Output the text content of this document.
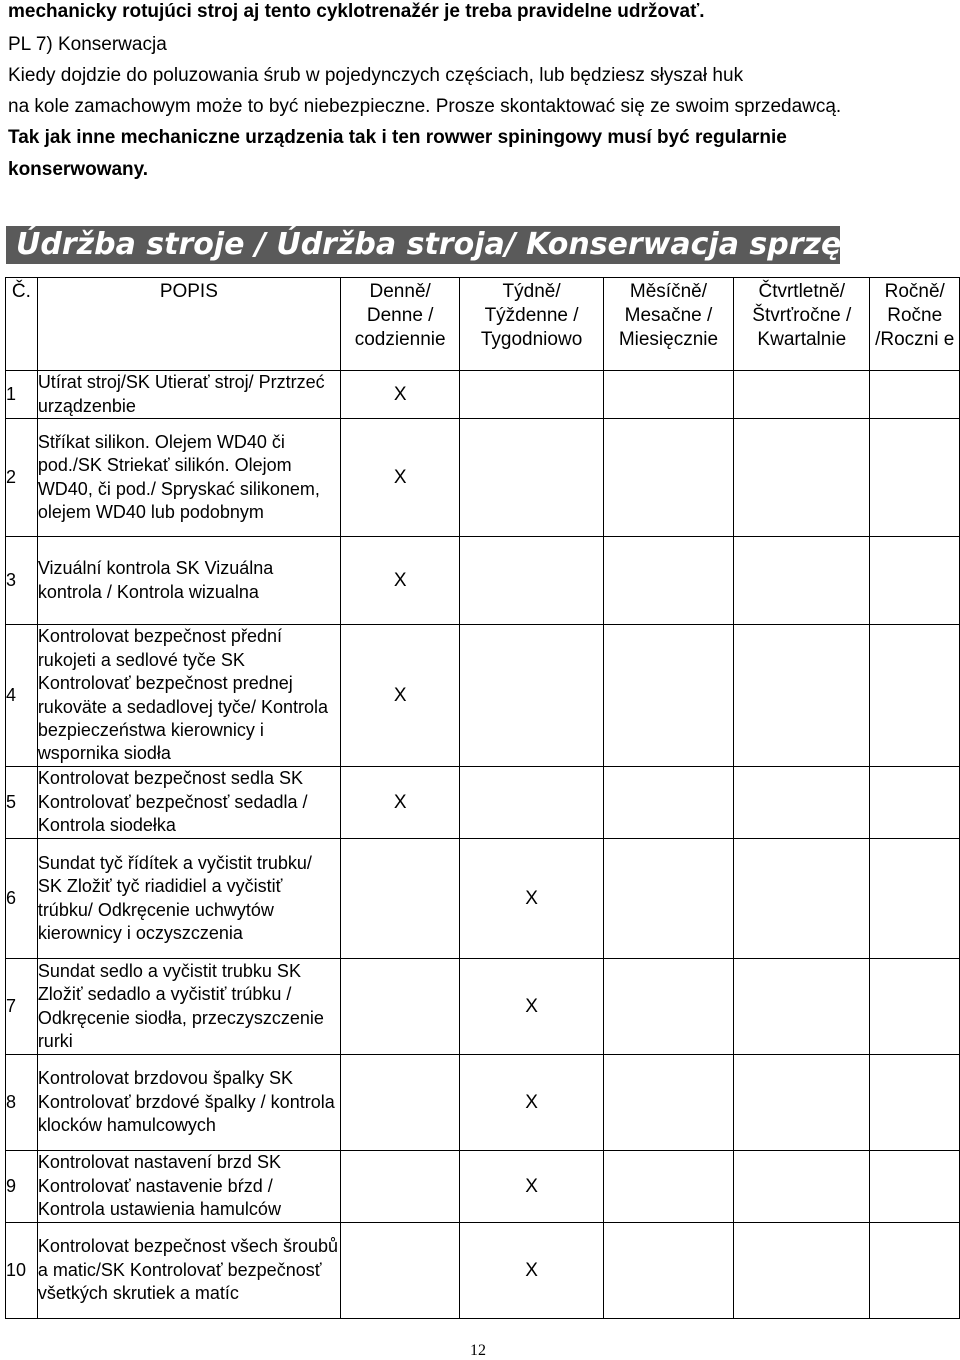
mechanicky rotujúci stroj aj tento cyklotrenažér je treba pravidelne udržovať.
PL 7) Konserwacja
Kiedy dojdzie do poluzowania śrub w pojedynczych częściach, lub będziesz słyszał huk
na kole zamachowym może to być niebezpieczne. Prosze skontaktować się ze swoim sprzedawcą.
Tak jak inne mechaniczne urządzenia tak i ten rowwer spiningowy musí być regularnie
konserwowany.
Údržba stroje / Údržba stroja/ Konserwacja sprzętu
Č.	POPIS	Denně/ Denne / codziennie	Týdně/ Týždenne / Tygodniowo	Měsíčně/ Mesačne / Miesięcznie	Čtvrtletně/ Štvrťročne / Kwartalnie	Ročně/ Ročne /Roczni e
1	Utírat stroj/SK Utierať stroj/ Prztrzeć urządzenbie	X				
2	Stříkat silikon. Olejem WD40 či pod./SK Striekať silikón. Olejom WD40, či pod./ Spryskać silikonem, olejem WD40 lub podobnym	X				
3	Vizuální kontrola SK Vizuálna kontrola / Kontrola wizualna	X				
4	Kontrolovat bezpečnost přední rukojeti a sedlové tyče SK Kontrolovať bezpečnost prednej rukoväte a sedadlovej tyče/ Kontrola bezpieczeństwa kierownicy i wspornika siodła	X				
5	Kontrolovat bezpečnost sedla SK Kontrolovať bezpečnosť sedadla / Kontrola siodełka	X				
6	Sundat tyč řídítek a vyčistit trubku/ SK Zložiť tyč riadidiel a vyčistiť trúbku/ Odkręcenie uchwytów kierownicy i oczyszczenia		X			
7	Sundat sedlo a vyčistit trubku SK Zložiť sedadlo a vyčistiť trúbku / Odkręcenie siodła, przeczyszczenie rurki		X			
8	Kontrolovat brzdovou špalky SK Kontrolovať brzdové špalky / kontrola klocków hamulcowych		X			
9	Kontrolovat nastavení brzd SK Kontrolovať nastavenie bŕzd / Kontrola ustawienia hamulców		X			
10	Kontrolovat bezpečnost všech šroubů a matic/SK Kontrolovať bezpečnosť všetkých skrutiek a matíc		X			
12
